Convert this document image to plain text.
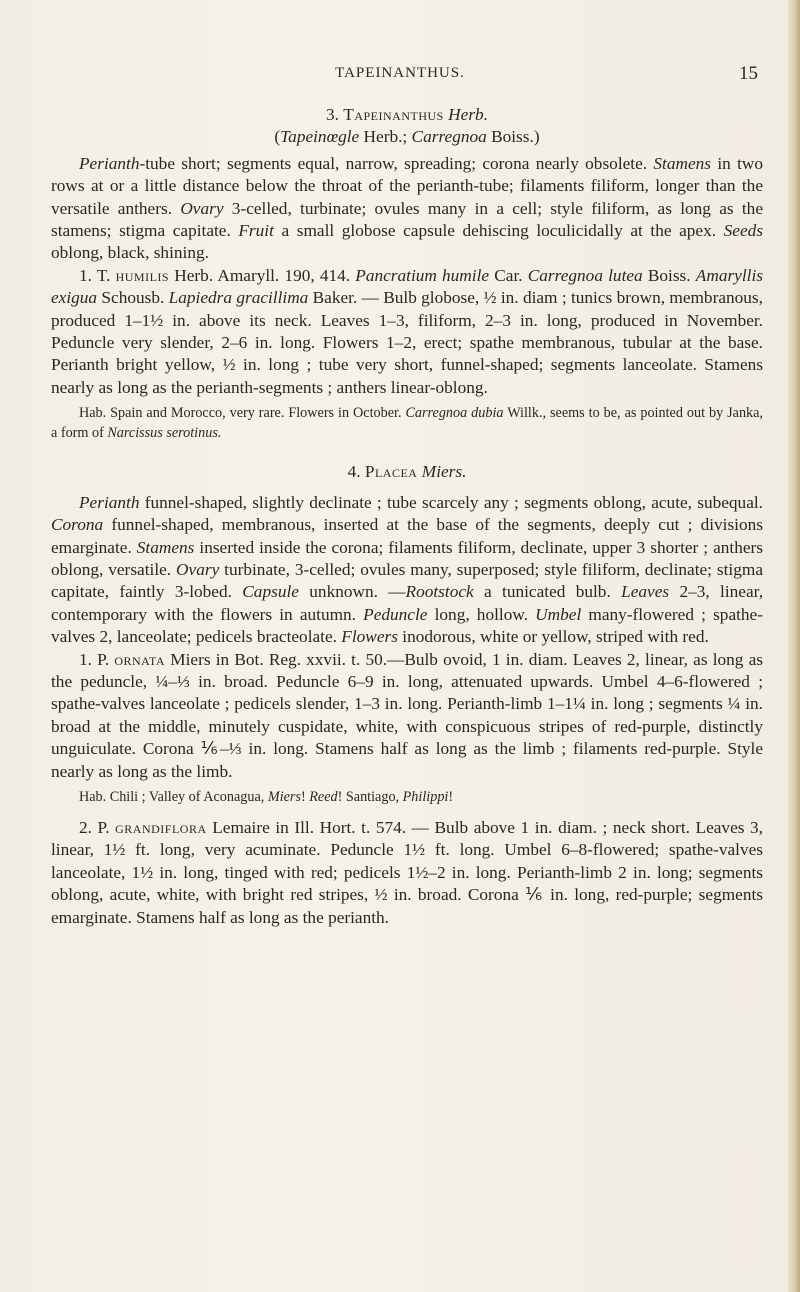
TAPEINANTHUS.	15
3. Tapeinanthus Herb.
(Tapeinœgle Herb.; Carregnoa Boiss.)

Perianth-tube short; segments equal, narrow, spreading; corona nearly obsolete. Stamens in two rows at or a little distance below the throat of the perianth-tube; filaments filiform, longer than the versatile anthers. Ovary 3-celled, turbinate; ovules many in a cell; style filiform, as long as the stamens; stigma capitate. Fruit a small globose capsule dehiscing loculicidally at the apex. Seeds oblong, black, shining.

1. T. humilis Herb. Amaryll. 190, 414. Pancratium humile Car. Carregnoa lutea Boiss. Amaryllis exigua Schousb. Lapiedra gracillima Baker. — Bulb globose, ½ in. diam ; tunics brown, membranous, produced 1–1½ in. above its neck. Leaves 1–3, filiform, 2–3 in. long, produced in November. Peduncle very slender, 2–6 in. long. Flowers 1–2, erect; spathe membranous, tubular at the base. Perianth bright yellow, ½ in. long ; tube very short, funnel-shaped; segments lanceolate. Stamens nearly as long as the perianth-segments ; anthers linear-oblong.

Hab. Spain and Morocco, very rare. Flowers in October. Carregnoa dubia Willk., seems to be, as pointed out by Janka, a form of Narcissus serotinus.

4. Placea Miers.

Perianth funnel-shaped, slightly declinate ; tube scarcely any ; segments oblong, acute, subequal. Corona funnel-shaped, membranous, inserted at the base of the segments, deeply cut ; divisions emarginate. Stamens inserted inside the corona; filaments filiform, declinate, upper 3 shorter ; anthers oblong, versatile. Ovary turbinate, 3-celled; ovules many, superposed; style filiform, declinate; stigma capitate, faintly 3-lobed. Capsule unknown. —Rootstock a tunicated bulb. Leaves 2–3, linear, contemporary with the flowers in autumn. Peduncle long, hollow. Umbel many-flowered ; spathe-valves 2, lanceolate; pedicels bracteolate. Flowers inodorous, white or yellow, striped with red.

1. P. ornata Miers in Bot. Reg. xxvii. t. 50.—Bulb ovoid, 1 in. diam. Leaves 2, linear, as long as the peduncle, ¼–⅓ in. broad. Peduncle 6–9 in. long, attenuated upwards. Umbel 4–6-flowered ; spathe-valves lanceolate ; pedicels slender, 1–3 in. long. Perianth-limb 1–1¼ in. long ; segments ¼ in. broad at the middle, minutely cuspidate, white, with conspicuous stripes of red-purple, distinctly unguiculate. Corona ⅙–⅓ in. long. Stamens half as long as the limb ; filaments red-purple. Style nearly as long as the limb.

Hab. Chili ; Valley of Aconagua, Miers! Reed! Santiago, Philippi!

2. P. grandiflora Lemaire in Ill. Hort. t. 574. — Bulb above 1 in. diam. ; neck short. Leaves 3, linear, 1½ ft. long, very acuminate. Peduncle 1½ ft. long. Umbel 6–8-flowered; spathe-valves lanceolate, 1½ in. long, tinged with red; pedicels 1½–2 in. long. Perianth-limb 2 in. long; segments oblong, acute, white, with bright red stripes, ½ in. broad. Corona ⅙ in. long, red-purple; segments emarginate. Stamens half as long as the perianth.
